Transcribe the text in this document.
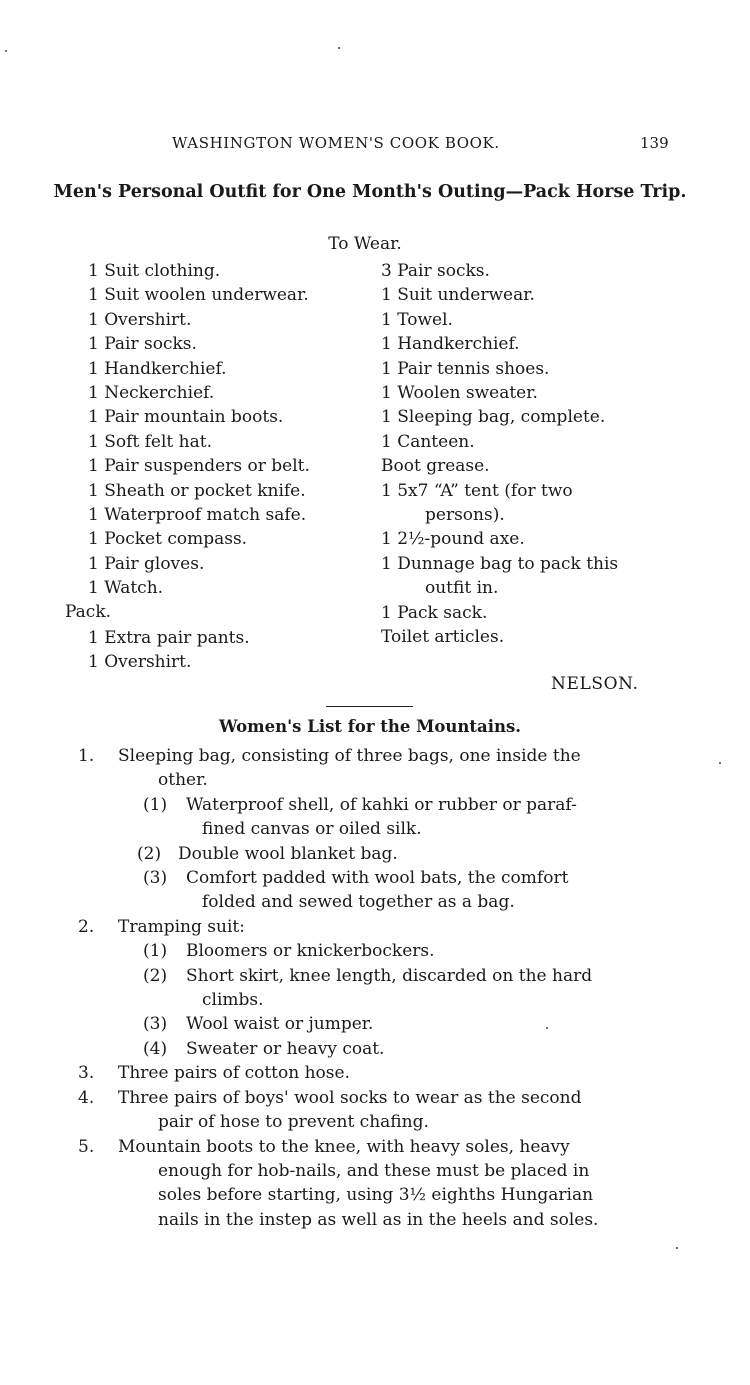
WASHINGTON WOMEN'S COOK BOOK.	139
Men's Personal Outfit for One Month's Outing—Pack Horse Trip.
To Wear.
1 Suit clothing.
1 Suit woolen underwear.
1 Overshirt.
1 Pair socks.
1 Handkerchief.
1 Neckerchief.
1 Pair mountain boots.
1 Soft felt hat.
1 Pair suspenders or belt.
1 Sheath or pocket knife.
1 Waterproof match safe.
1 Pocket compass.
1 Pair gloves.
1 Watch.
Pack.
1 Extra pair pants.
1 Overshirt.
3 Pair socks.
1 Suit underwear.
1 Towel.
1 Handkerchief.
1 Pair tennis shoes.
1 Woolen sweater.
1 Sleeping bag, complete.
1 Canteen.
Boot grease.
1 5x7 “A” tent (for two
persons).
1 2½-pound axe.
1 Dunnage bag to pack this
outfit in.
1 Pack sack.
Toilet articles.
NELSON.
Women's List for the Mountains.
1. Sleeping bag, consisting of three bags, one inside the
other.
(1) Waterproof shell, of kahki or rubber or paraf-
fined canvas or oiled silk.
(2) Double wool blanket bag.
(3) Comfort padded with wool bats, the comfort
folded and sewed together as a bag.
2. Tramping suit:
(1) Bloomers or knickerbockers.
(2) Short skirt, knee length, discarded on the hard
climbs.
(3) Wool waist or jumper.
(4) Sweater or heavy coat.
3. Three pairs of cotton hose.
4. Three pairs of boys' wool socks to wear as the second
pair of hose to prevent chafing.
5. Mountain boots to the knee, with heavy soles, heavy
enough for hob-nails, and these must be placed in
soles before starting, using 3½ eighths Hungarian
nails in the instep as well as in the heels and soles.
